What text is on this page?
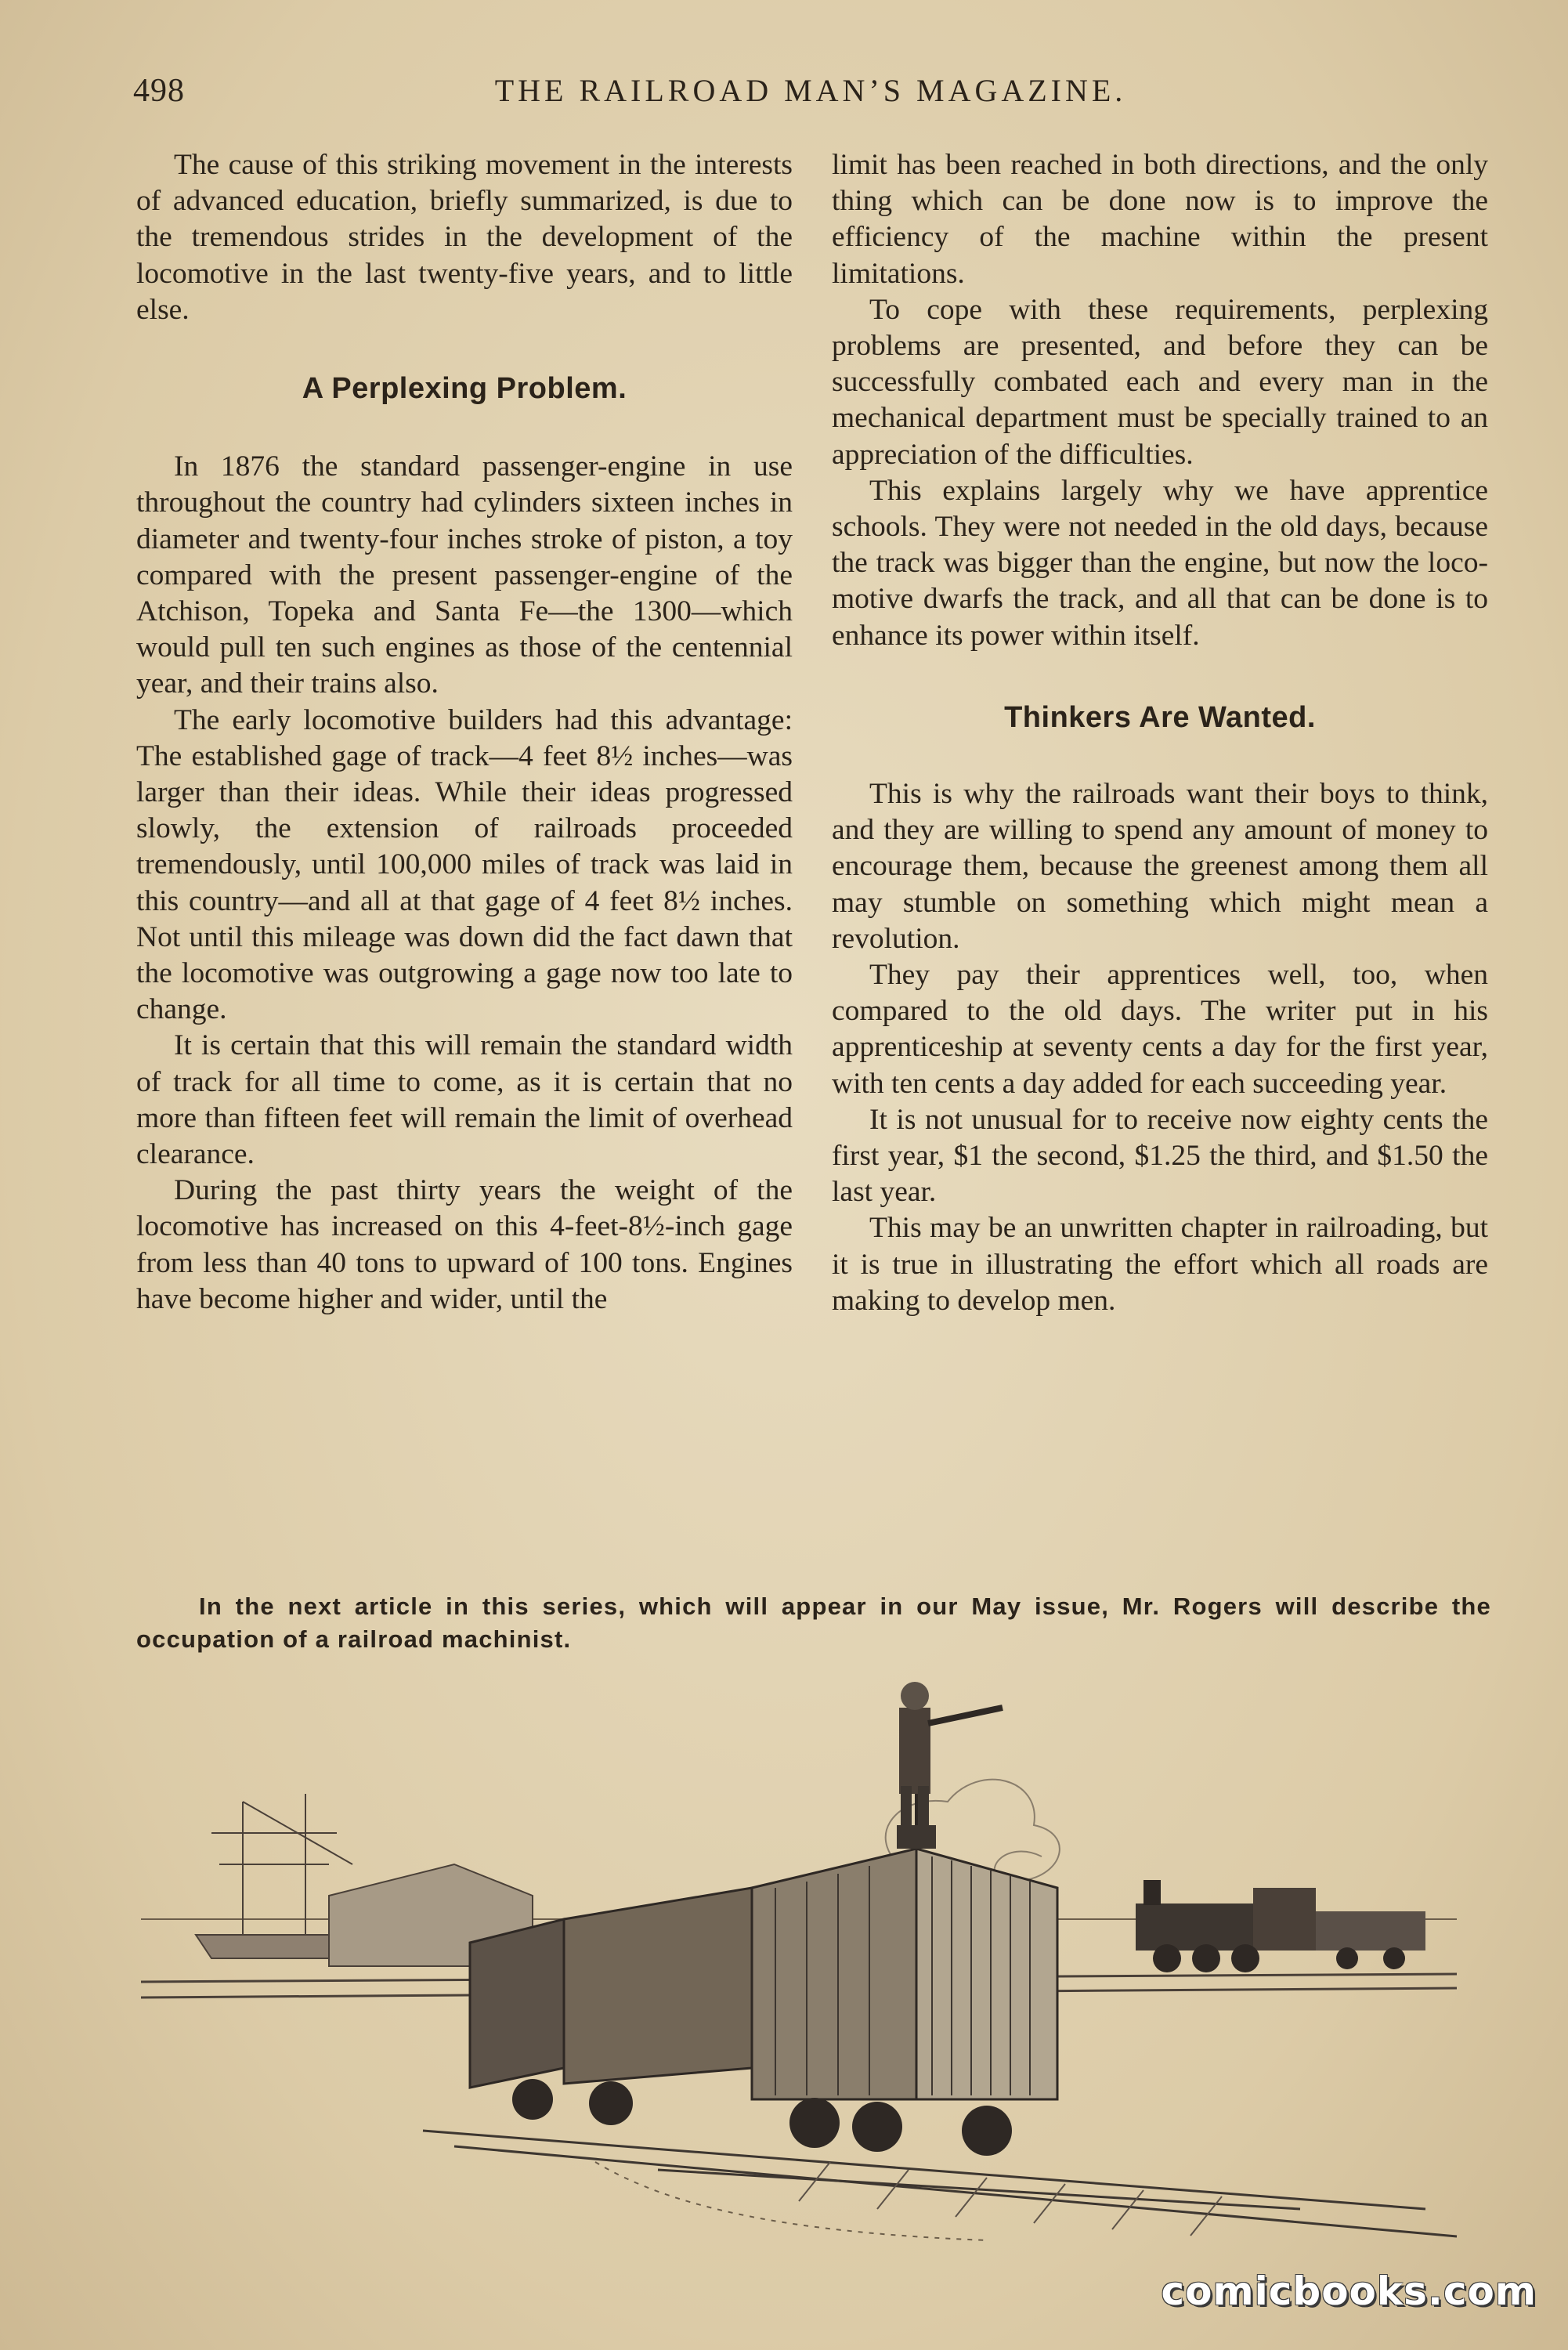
498	THE RAILROAD MAN’S MAGAZINE.

The cause of this striking movement in the interests of advanced education, briefly summarized, is due to the tremendous strides in the development of the locomotive in the last twenty-five years, and to little else.

A Perplexing Problem.

In 1876 the standard passenger-engine in use throughout the country had cylinders sixteen inches in diameter and twenty-four inches stroke of piston, a toy compared with the present passenger-engine of the Atchison, Topeka and Santa Fe—the 1300—which would pull ten such engines as those of the centennial year, and their trains also.

The early locomotive builders had this advantage: The established gage of track—4 feet 8½ inches—was larger than their ideas. While their ideas progressed slowly, the extension of railroads proceeded tremendously, until 100,000 miles of track was laid in this country—and all at that gage of 4 feet 8½ inches. Not until this mileage was down did the fact dawn that the locomotive was outgrowing a gage now too late to change.

It is certain that this will remain the standard width of track for all time to come, as it is certain that no more than fifteen feet will remain the limit of overhead clearance.

During the past thirty years the weight of the locomotive has increased on this 4-feet-8½-inch gage from less than 40 tons to upward of 100 tons. Engines have become higher and wider, until the

limit has been reached in both directions, and the only thing which can be done now is to improve the efficiency of the machine within the present limitations.

To cope with these requirements, perplexing problems are presented, and before they can be successfully combated each and every man in the mechanical department must be specially trained to an appreciation of the difficulties.

This explains largely why we have apprentice schools. They were not needed in the old days, because the track was bigger than the engine, but now the locomotive dwarfs the track, and all that can be done is to enhance its power within itself.

Thinkers Are Wanted.

This is why the railroads want their boys to think, and they are willing to spend any amount of money to encourage them, because the greenest among them all may stumble on something which might mean a revolution.

They pay their apprentices well, too, when compared to the old days. The writer put in his apprenticeship at seventy cents a day for the first year, with ten cents a day added for each succeeding year.

It is not unusual for to receive now eighty cents the first year, $1 the second, $1.25 the third, and $1.50 the last year.

This may be an unwritten chapter in railroading, but it is true in illustrating the effort which all roads are making to develop men.

In the next article in this series, which will appear in our May issue, Mr. Rogers will describe the occupation of a railroad machinist.
comicbooks.com
